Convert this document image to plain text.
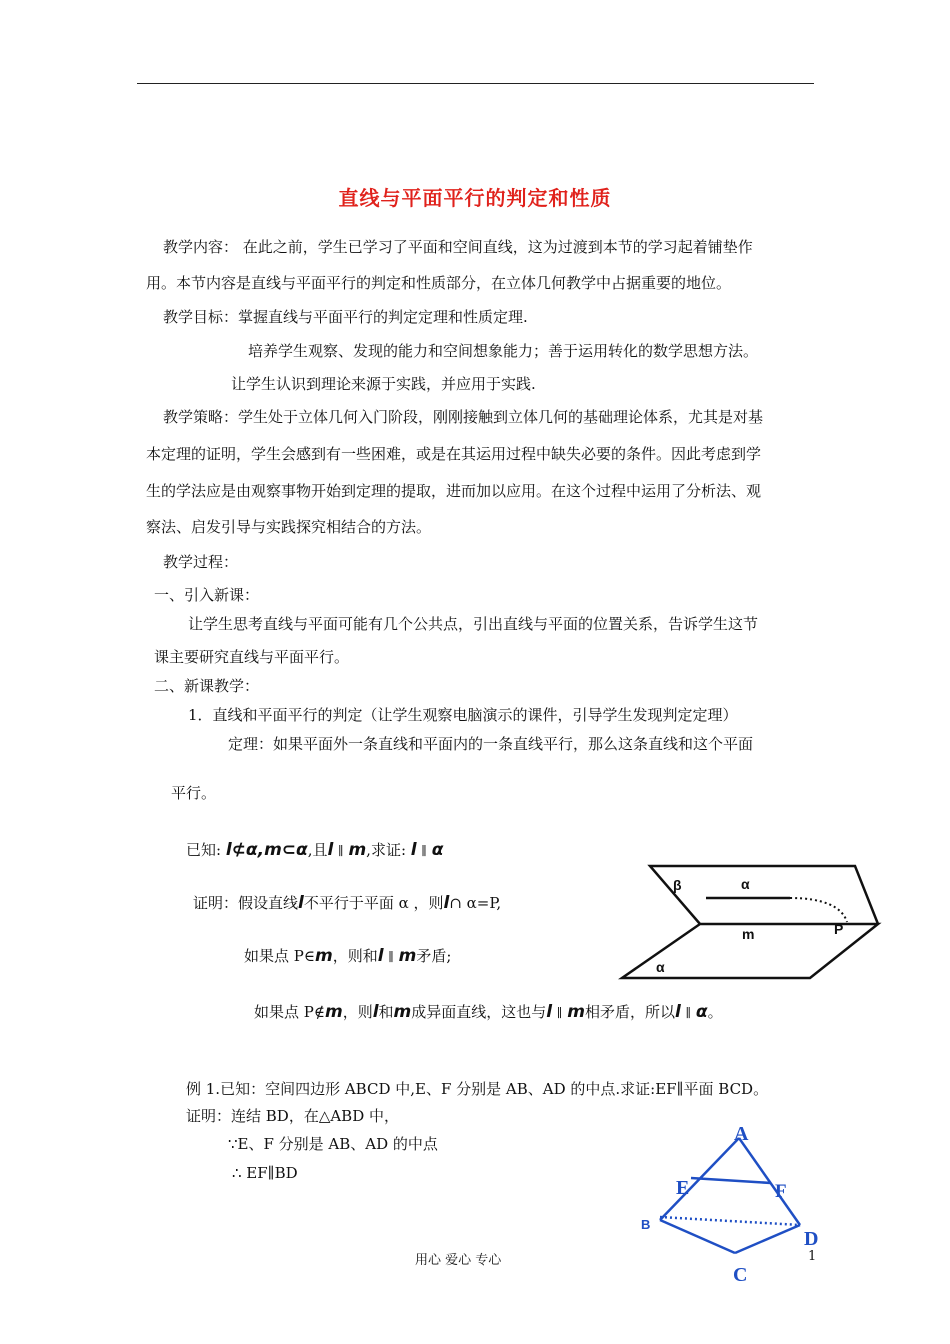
直线与平面平行的判定和性质
教学内容： 在此之前，学生已学习了平面和空间直线，这为过渡到本节的学习起着铺垫作
用。本节内容是直线与平面平行的判定和性质部分，在立体几何教学中占据重要的地位。
教学目标：掌握直线与平面平行的判定定理和性质定理.
培养学生观察、发现的能力和空间想象能力；善于运用转化的数学思想方法。
让学生认识到理论来源于实践，并应用于实践.
教学策略：学生处于立体几何入门阶段，刚刚接触到立体几何的基础理论体系，尤其是对基
本定理的证明，学生会感到有一些困难，或是在其运用过程中缺失必要的条件。因此考虑到学
生的学法应是由观察事物开始到定理的提取，进而加以应用。在这个过程中运用了分析法、观
察法、启发引导与实践探究相结合的方法。
教学过程：
一、引入新课：
让学生思考直线与平面可能有几个公共点，引出直线与平面的位置关系，告诉学生这节
课主要研究直线与平面平行。
二、新课教学：
1．直线和平面平行的判定（让学生观察电脑演示的课件，引导学生发现判定定理）
定理：如果平面外一条直线和平面内的一条直线平行，那么这条直线和这个平面
平行。
已知: l⊄α,m⊂α,且l ∥ m,求证: l ∥ α
证明：假设直线l不平行于平面 α ，则l∩ α=P,
如果点 P∈m，则和l ∥ m矛盾;
如果点 P∉m，则l和m成异面直线，这也与l ∥ m相矛盾，所以l ∥ α。
例 1.已知：空间四边形 ABCD 中,E、F 分别是 AB、AD 的中点.求证:EF∥平面 BCD。
证明：连结 BD，在△ABD 中，
∵E、F 分别是 AB、AD 的中点
∴ EF∥BD
β	α
m	P
α
A
E	F
B
D
C
用心 爱心 专心	1
